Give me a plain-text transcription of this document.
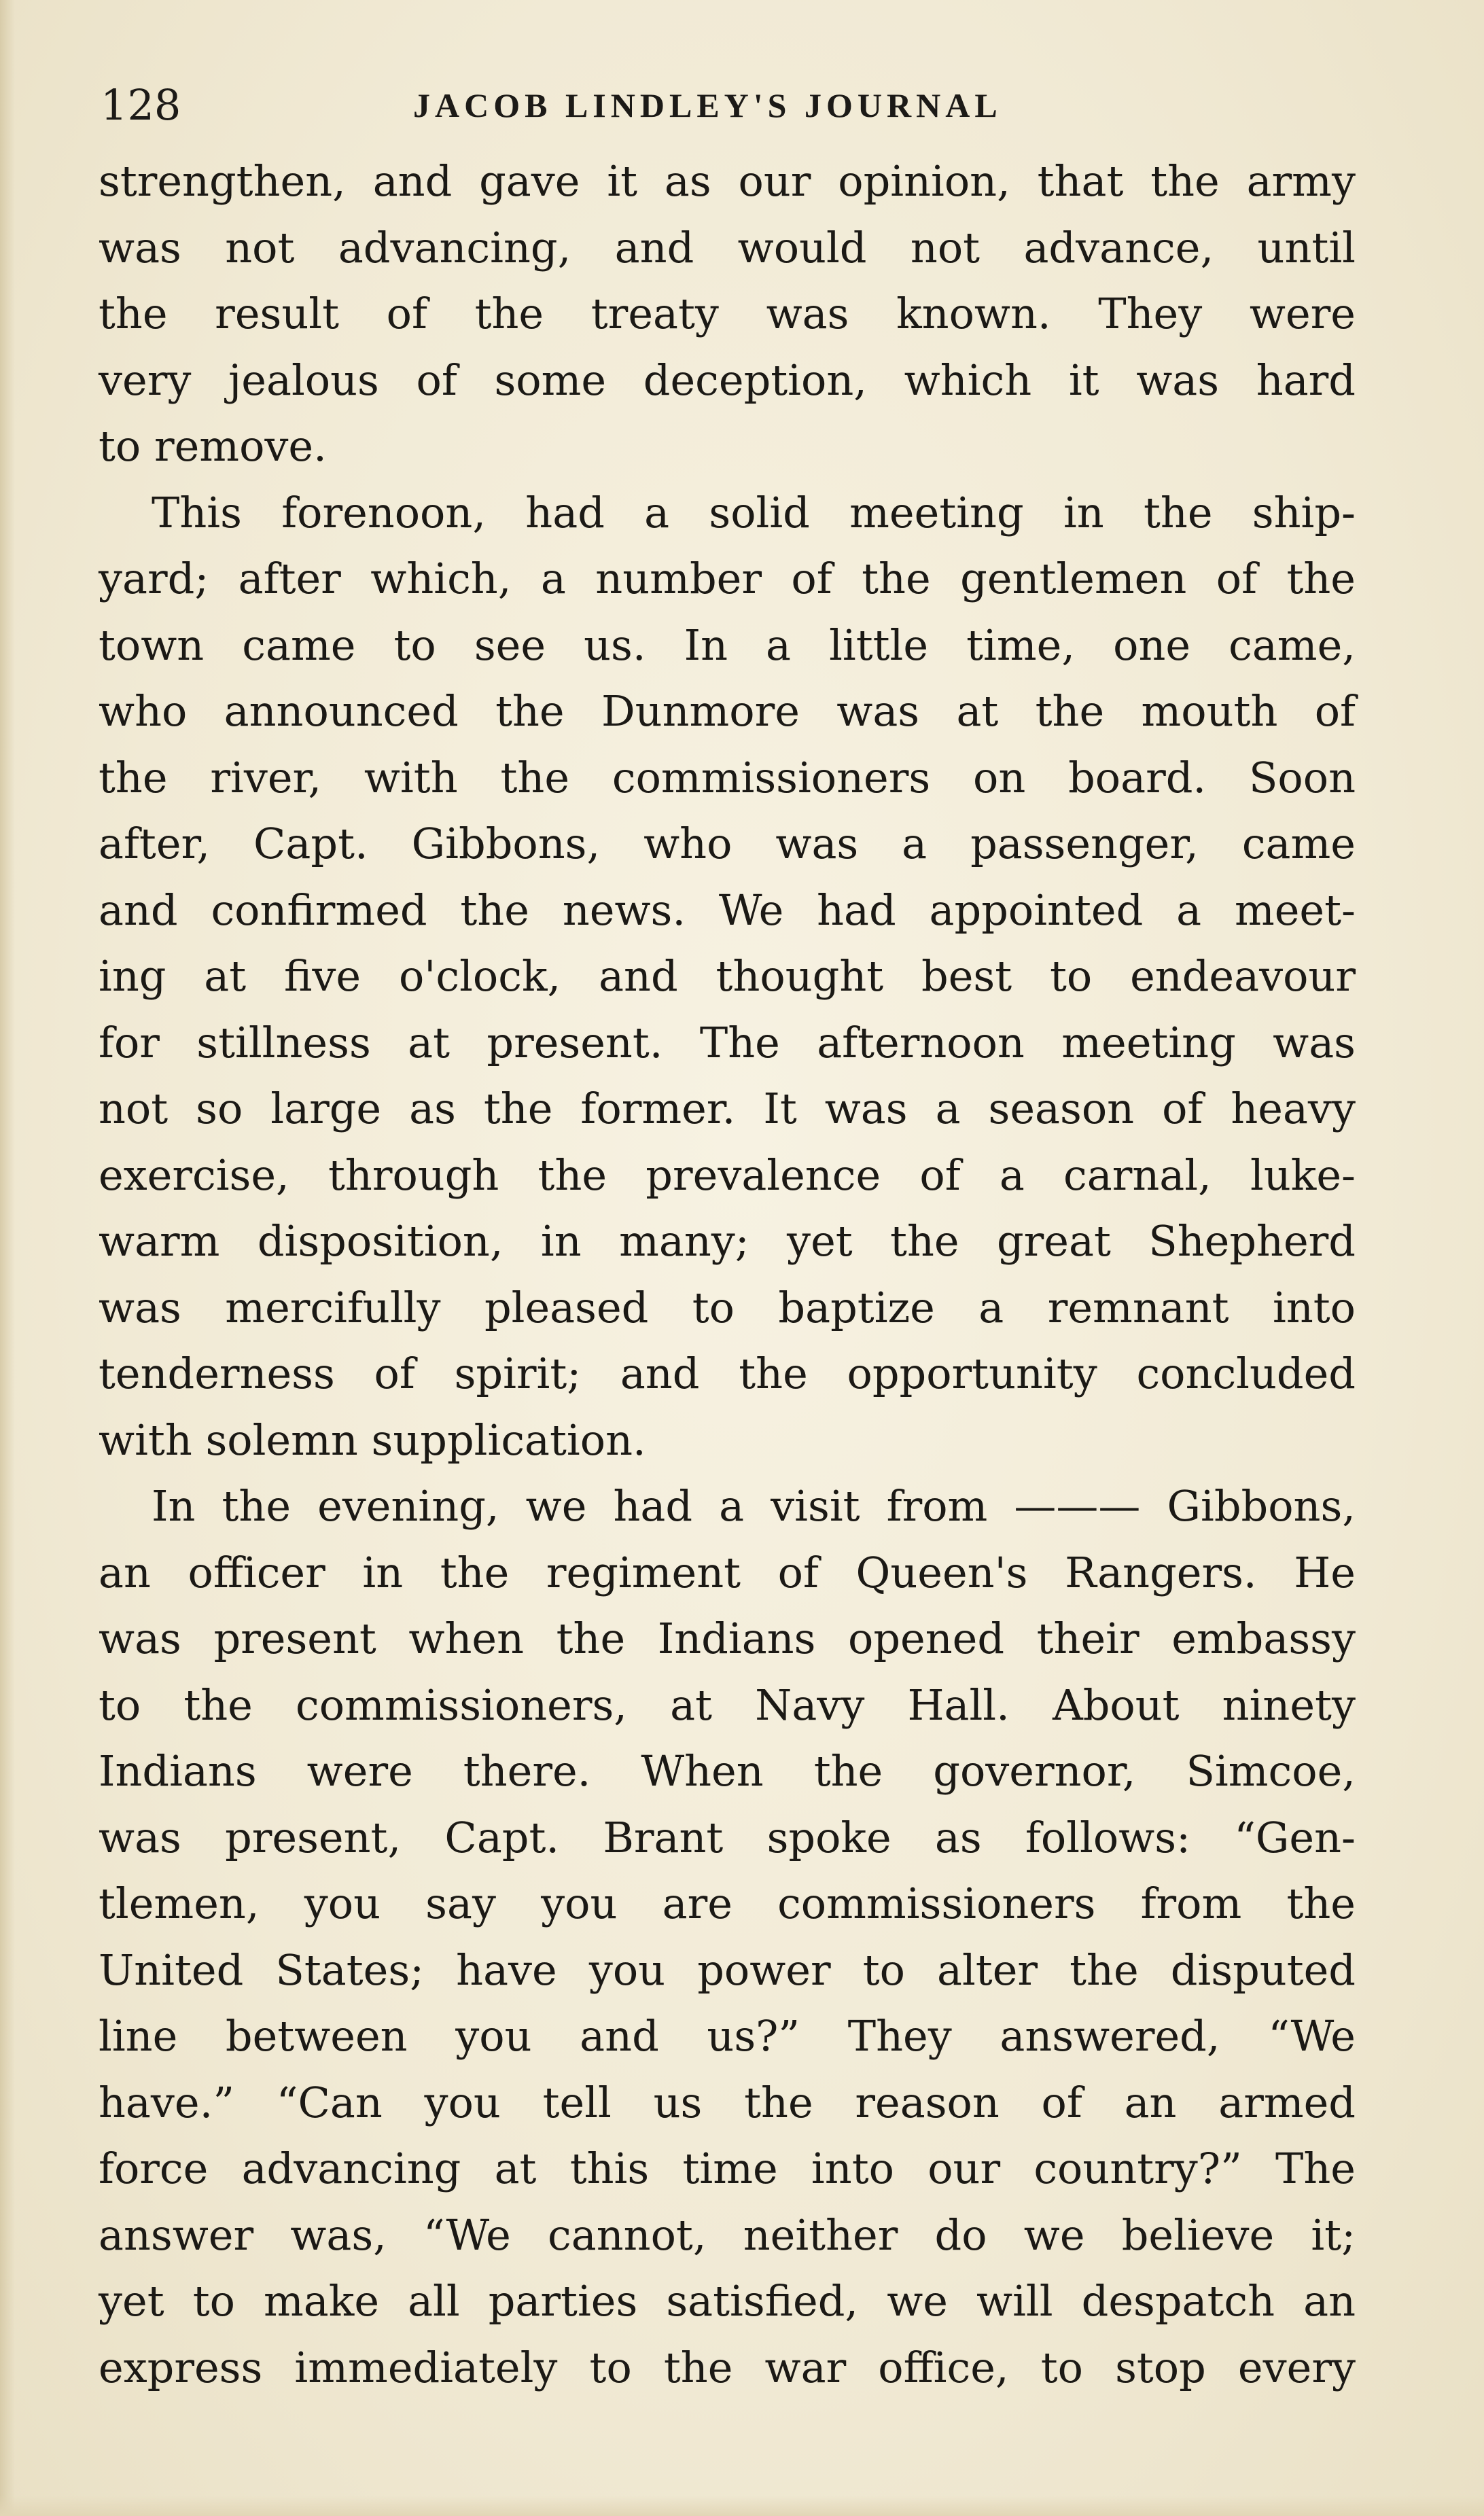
128	JACOB LINDLEY'S JOURNAL
strengthen, and gave it as our opinion, that the army
was not advancing, and would not advance, until
the result of the treaty was known. They were
very jealous of some deception, which it was hard
to remove.
This forenoon, had a solid meeting in the ship-
yard; after which, a number of the gentlemen of the
town came to see us. In a little time, one came,
who announced the Dunmore was at the mouth of
the river, with the commissioners on board. Soon
after, Capt. Gibbons, who was a passenger, came
and confirmed the news. We had appointed a meet-
ing at five o'clock, and thought best to endeavour
for stillness at present. The afternoon meeting was
not so large as the former. It was a season of heavy
exercise, through the prevalence of a carnal, luke-
warm disposition, in many; yet the great Shepherd
was mercifully pleased to baptize a remnant into
tenderness of spirit; and the opportunity concluded
with solemn supplication.
In the evening, we had a visit from ——— Gibbons,
an officer in the regiment of Queen's Rangers. He
was present when the Indians opened their embassy
to the commissioners, at Navy Hall. About ninety
Indians were there. When the governor, Simcoe,
was present, Capt. Brant spoke as follows: “Gen-
tlemen, you say you are commissioners from the
United States; have you power to alter the disputed
line between you and us?” They answered, “We
have.” “Can you tell us the reason of an armed
force advancing at this time into our country?” The
answer was, “We cannot, neither do we believe it;
yet to make all parties satisfied, we will despatch an
express immediately to the war office, to stop every
